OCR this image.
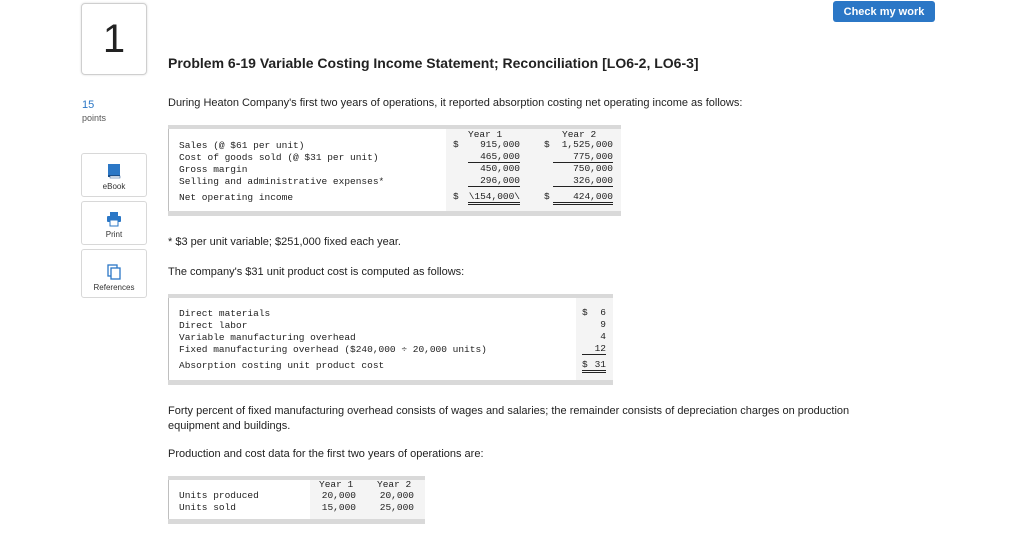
1
Check my work
Problem 6-19 Variable Costing Income Statement; Reconciliation [LO6-2, LO6-3]
15
points
eBook
Print
References
During Heaton Company's first two years of operations, it reported absorption costing net operating income as follows:
Year 1	Year 2
Sales (@ $61 per unit)	$	915,000	$	1,525,000
Cost of goods sold (@ $31 per unit)	465,000	775,000
Gross margin	450,000	750,000
Selling and administrative expenses*	296,000	326,000
Net operating income	$ \154,000\	$	424,000
* $3 per unit variable; $251,000 fixed each year.
The company's $31 unit product cost is computed as follows:
Direct materials	$	6
Direct labor	9
Variable manufacturing overhead	4
Fixed manufacturing overhead ($240,000 ÷ 20,000 units)	12
Absorption costing unit product cost	$ 31
Forty percent of fixed manufacturing overhead consists of wages and salaries; the remainder consists of depreciation charges on production equipment and buildings.
Production and cost data for the first two years of operations are:
Year 1	Year 2
Units produced	20,000	20,000
Units sold	15,000	25,000
